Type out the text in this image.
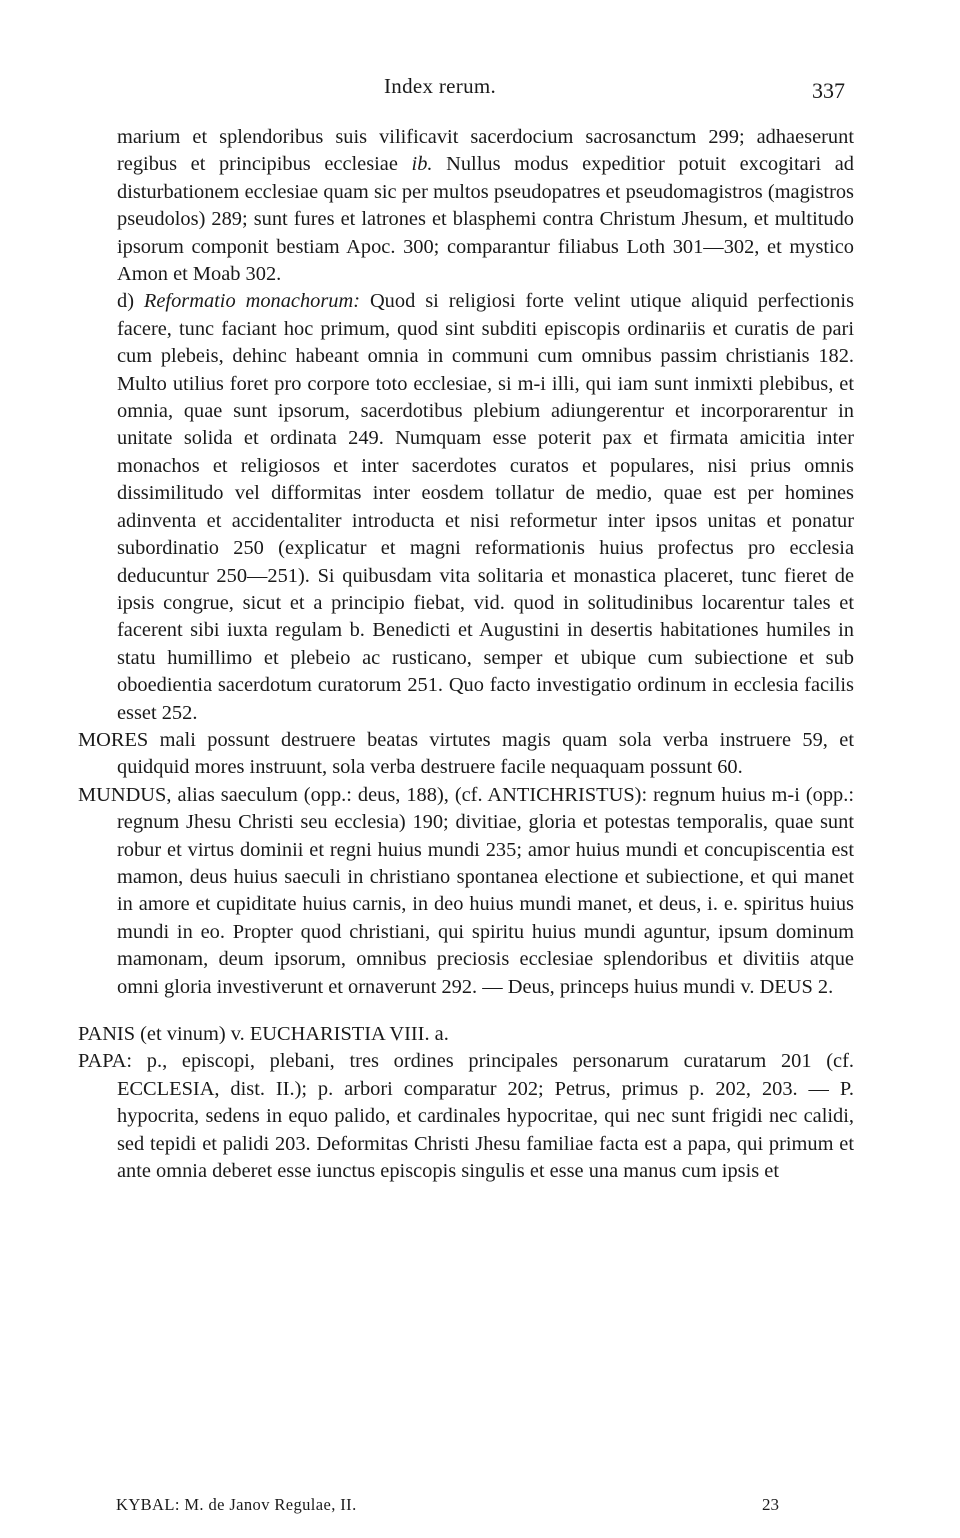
Index rerum.	337

marium et splendoribus suis vilificavit sacerdocium sacrosanctum 299; adhaeserunt regibus et principibus ecclesiae ib. Nullus modus expeditior potuit excogitari ad disturbationem ecclesiae quam sic per multos pseudopatres et pseudomagistros (magistros pseudolos) 289; sunt fures et latrones et blasphemi contra Christum Jhesum, et multitudo ipsorum componit bestiam Apoc. 300; comparantur filiabus Loth 301—302, et mystico Amon et Moab 302.

d) Reformatio monachorum: Quod si religiosi forte velint utique aliquid perfectionis facere, tunc faciant hoc primum, quod sint subditi episcopis ordinariis et curatis de pari cum plebeis, dehinc habeant omnia in communi cum omnibus passim christianis 182. Multo utilius foret pro corpore toto ecclesiae, si m-i illi, qui iam sunt inmixti plebibus, et omnia, quae sunt ipsorum, sacerdotibus plebium adiungerentur et incorporarentur in unitate solida et ordinata 249. Numquam esse poterit pax et firmata amicitia inter monachos et religiosos et inter sacerdotes curatos et populares, nisi prius omnis dissimilitudo vel difformitas inter eosdem tollatur de medio, quae est per homines adinventa et accidentaliter introducta et nisi reformetur inter ipsos unitas et ponatur subordinatio 250 (explicatur et magni reformationis huius profectus pro ecclesia deducuntur 250—251). Si quibusdam vita solitaria et monastica placeret, tunc fieret de ipsis congrue, sicut et a principio fiebat, vid. quod in solitudinibus locarentur tales et facerent sibi iuxta regulam b. Benedicti et Augustini in desertis habitationes humiles in statu humillimo et plebeio ac rusticano, semper et ubique cum subiectione et sub oboedientia sacerdotum curatorum 251. Quo facto investigatio ordinum in ecclesia facilis esset 252.

MORES mali possunt destruere beatas virtutes magis quam sola verba instruere 59, et quidquid mores instruunt, sola verba destruere facile nequaquam possunt 60.

MUNDUS, alias saeculum (opp.: deus, 188), (cf. ANTICHRISTUS): regnum huius m-i (opp.: regnum Jhesu Christi seu ecclesia) 190; divitiae, gloria et potestas temporalis, quae sunt robur et virtus dominii et regni huius mundi 235; amor huius mundi et concupiscentia est mamon, deus huius saeculi in christiano spontanea electione et subiectione, et qui manet in amore et cupiditate huius carnis, in deo huius mundi manet, et deus, i. e. spiritus huius mundi in eo. Propter quod christiani, qui spiritu huius mundi aguntur, ipsum dominum mamonam, deum ipsorum, omnibus preciosis ecclesiae splendoribus et divitiis atque omni gloria investiverunt et ornaverunt 292. — Deus, princeps huius mundi v. DEUS 2.

PANIS (et vinum) v. EUCHARISTIA VIII. a.

PAPA: p., episcopi, plebani, tres ordines principales personarum curatarum 201 (cf. ECCLESIA, dist. II.); p. arbori comparatur 202; Petrus, primus p. 202, 203. — P. hypocrita, sedens in equo palido, et cardinales hypocritae, qui nec sunt frigidi nec calidi, sed tepidi et palidi 203. Deformitas Christi Jhesu familiae facta est a papa, qui primum et ante omnia deberet esse iunctus episcopis singulis et esse una manus cum ipsis et

KYBAL: M. de Janov Regulae, II.	23
